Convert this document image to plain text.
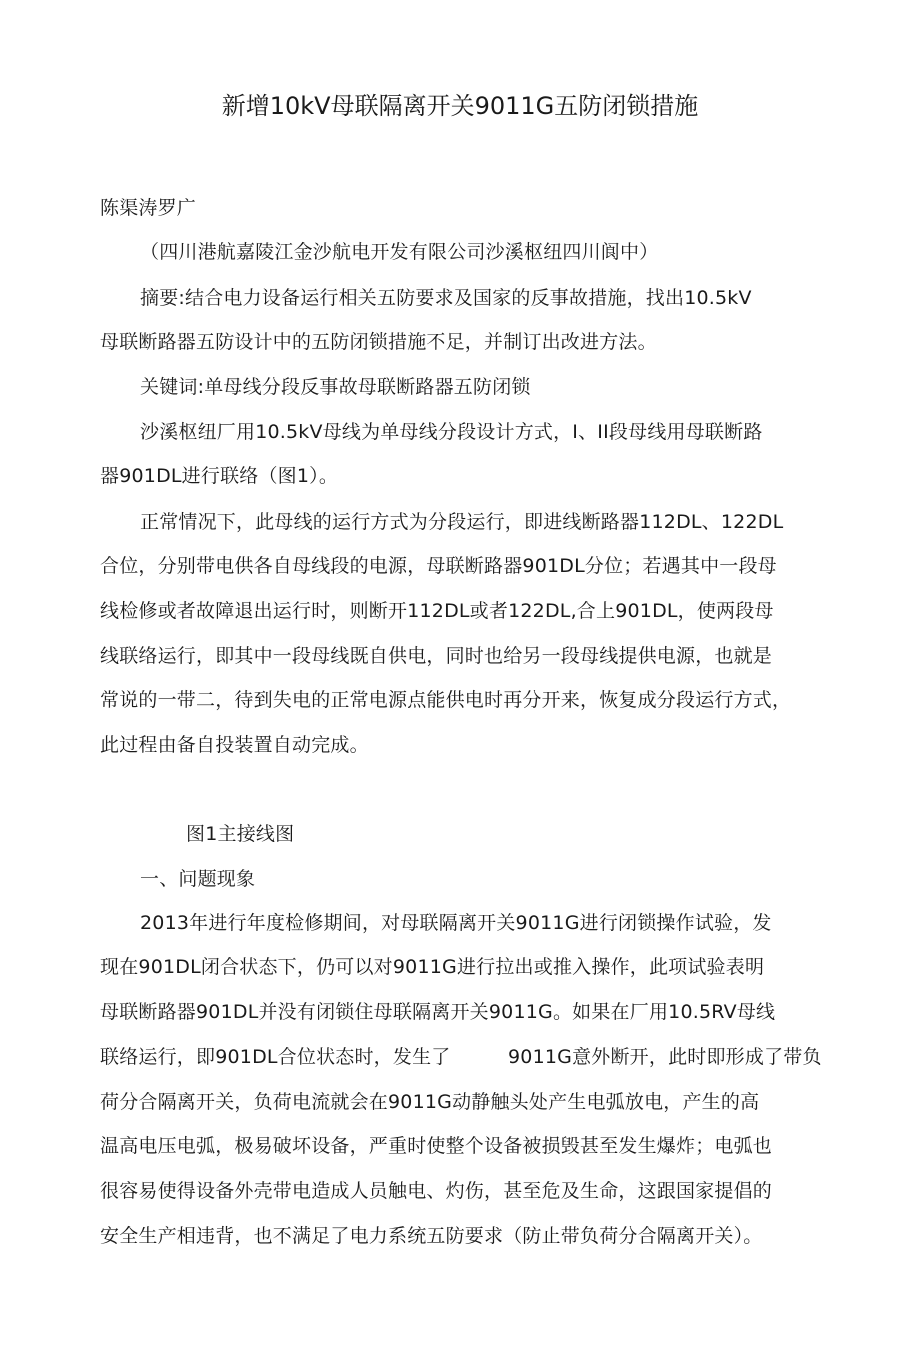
新增10kV母联隔离开关9011G五防闭锁措施
陈渠涛罗广
（四川港航嘉陵江金沙航电开发有限公司沙溪枢纽四川阆中）
摘要:结合电力设备运行相关五防要求及国家的反事故措施，找出10.5kV
母联断路器五防设计中的五防闭锁措施不足，并制订出改进方法。
关键词:单母线分段反事故母联断路器五防闭锁
沙溪枢纽厂用10.5kV母线为单母线分段设计方式，I、II段母线用母联断路
器901DL进行联络（图1）。
正常情况下，此母线的运行方式为分段运行，即进线断路器112DL、122DL
合位，分别带电供各自母线段的电源，母联断路器901DL分位；若遇其中一段母
线检修或者故障退出运行时，则断开112DL或者122DL,合上901DL，使两段母
线联络运行，即其中一段母线既自供电，同时也给另一段母线提供电源，也就是
常说的一带二，待到失电的正常电源点能供电时再分开来，恢复成分段运行方式，
此过程由备自投装置自动完成。
图1主接线图
一、问题现象
2013年进行年度检修期间，对母联隔离开关9011G进行闭锁操作试验，发
现在901DL闭合状态下，仍可以对9011G进行拉出或推入操作，此项试验表明
母联断路器901DL并没有闭锁住母联隔离开关9011G。如果在厂用10.5RV母线
联络运行，即901DL合位状态时，发生了	9011G意外断开，此时即形成了带负
荷分合隔离开关，负荷电流就会在9011G动静触头处产生电弧放电，产生的高
温高电压电弧，极易破坏设备，严重时使整个设备被损毁甚至发生爆炸；电弧也
很容易使得设备外壳带电造成人员触电、灼伤，甚至危及生命，这跟国家提倡的
安全生产相违背，也不满足了电力系统五防要求（防止带负荷分合隔离开关）。
